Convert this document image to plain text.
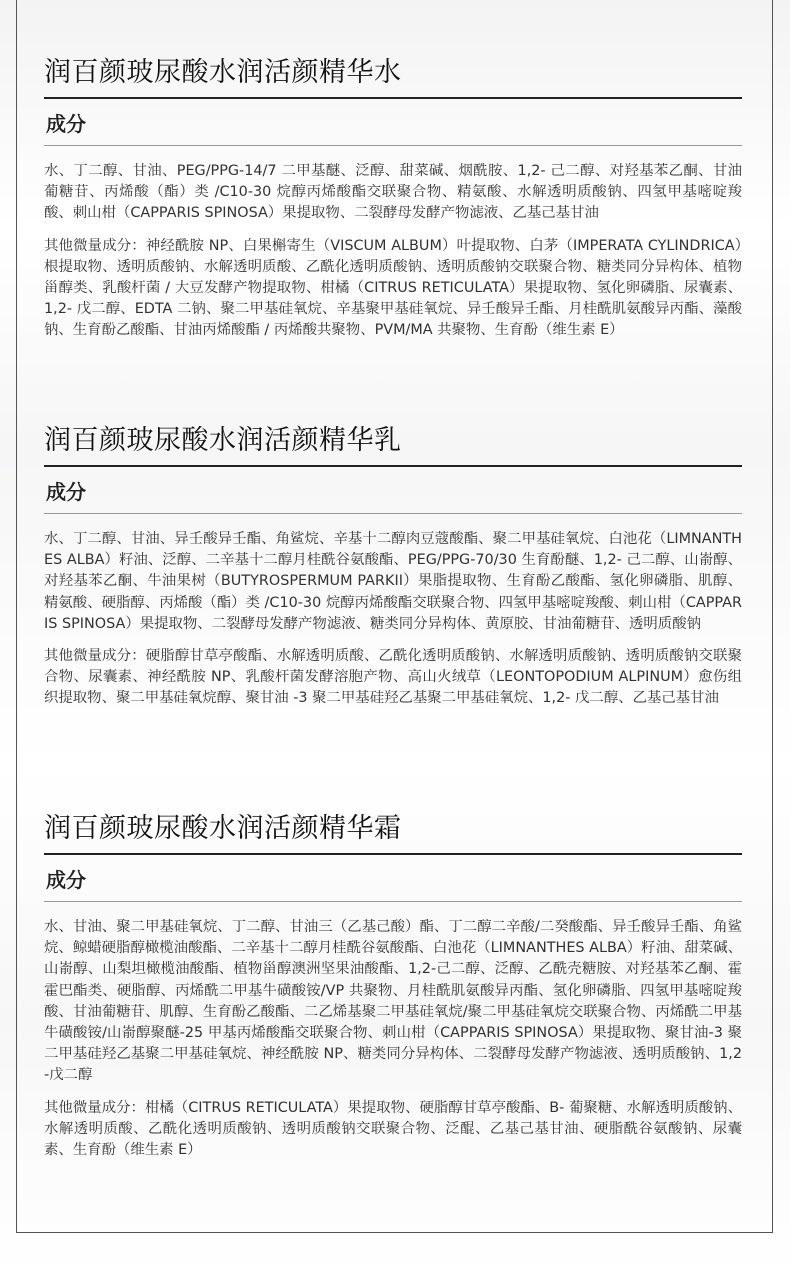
润百颜玻尿酸水润活颜精华水
成分

水、丁二醇、甘油、PEG/PPG-14/7 二甲基醚、泛醇、甜菜碱、烟酰胺、1,2- 己二醇、对羟基苯乙酮、甘油葡糖苷、丙烯酸（酯）类 /C10-30 烷醇丙烯酸酯交联聚合物、精氨酸、水解透明质酸钠、四氢甲基嘧啶羧酸、刺山柑（CAPPARIS SPINOSA）果提取物、二裂酵母发酵产物滤液、乙基己基甘油

其他微量成分：神经酰胺 NP、白果槲寄生（VISCUM ALBUM）叶提取物、白茅（IMPERATA CYLINDRICA）根提取物、透明质酸钠、水解透明质酸、乙酰化透明质酸钠、透明质酸钠交联聚合物、糖类同分异构体、植物甾醇类、乳酸杆菌 / 大豆发酵产物提取物、柑橘（CITRUS RETICULATA）果提取物、氢化卵磷脂、尿囊素、1,2- 戊二醇、EDTA 二钠、聚二甲基硅氧烷、辛基聚甲基硅氧烷、异壬酸异壬酯、月桂酰肌氨酸异丙酯、藻酸钠、生育酚乙酸酯、甘油丙烯酸酯 / 丙烯酸共聚物、PVM/MA 共聚物、生育酚（维生素 E）

润百颜玻尿酸水润活颜精华乳
成分

水、丁二醇、甘油、异壬酸异壬酯、角鲨烷、辛基十二醇肉豆蔻酸酯、聚二甲基硅氧烷、白池花（LIMNANTHES ALBA）籽油、泛醇、二辛基十二醇月桂酰谷氨酸酯、PEG/PPG-70/30 生育酚醚、1,2- 己二醇、山嵛醇、对羟基苯乙酮、牛油果树（BUTYROSPERMUM PARKII）果脂提取物、生育酚乙酸酯、氢化卵磷脂、肌醇、精氨酸、硬脂醇、丙烯酸（酯）类 /C10-30 烷醇丙烯酸酯交联聚合物、四氢甲基嘧啶羧酸、刺山柑（CAPPARIS SPINOSA）果提取物、二裂酵母发酵产物滤液、糖类同分异构体、黄原胶、甘油葡糖苷、透明质酸钠

其他微量成分：硬脂醇甘草亭酸酯、水解透明质酸、乙酰化透明质酸钠、水解透明质酸钠、透明质酸钠交联聚合物、尿囊素、神经酰胺 NP、乳酸杆菌发酵溶胞产物、高山火绒草（LEONTOPODIUM ALPINUM）愈伤组织提取物、聚二甲基硅氧烷醇、聚甘油 -3 聚二甲基硅羟乙基聚二甲基硅氧烷、1,2- 戊二醇、乙基己基甘油

润百颜玻尿酸水润活颜精华霜
成分

水、甘油、聚二甲基硅氧烷、丁二醇、甘油三（乙基己酸）酯、丁二醇二辛酸/二癸酸酯、异壬酸异壬酯、角鲨烷、鲸蜡硬脂醇橄榄油酸酯、二辛基十二醇月桂酰谷氨酸酯、白池花（LIMNANTHES ALBA）籽油、甜菜碱、山嵛醇、山梨坦橄榄油酸酯、植物甾醇澳洲坚果油酸酯、1,2-己二醇、泛醇、乙酰壳糖胺、对羟基苯乙酮、霍霍巴酯类、硬脂醇、丙烯酰二甲基牛磺酸铵/VP 共聚物、月桂酰肌氨酸异丙酯、氢化卵磷脂、四氢甲基嘧啶羧酸、甘油葡糖苷、肌醇、生育酚乙酸酯、二乙烯基聚二甲基硅氧烷/聚二甲基硅氧烷交联聚合物、丙烯酰二甲基牛磺酸铵/山嵛醇聚醚-25 甲基丙烯酸酯交联聚合物、刺山柑（CAPPARIS SPINOSA）果提取物、聚甘油-3 聚二甲基硅羟乙基聚二甲基硅氧烷、神经酰胺 NP、糖类同分异构体、二裂酵母发酵产物滤液、透明质酸钠、1,2-戊二醇

其他微量成分：柑橘（CITRUS RETICULATA）果提取物、硬脂醇甘草亭酸酯、Β- 葡聚糖、水解透明质酸钠、水解透明质酸、乙酰化透明质酸钠、透明质酸钠交联聚合物、泛醌、乙基己基甘油、硬脂酰谷氨酸钠、尿囊素、生育酚（维生素 E）
